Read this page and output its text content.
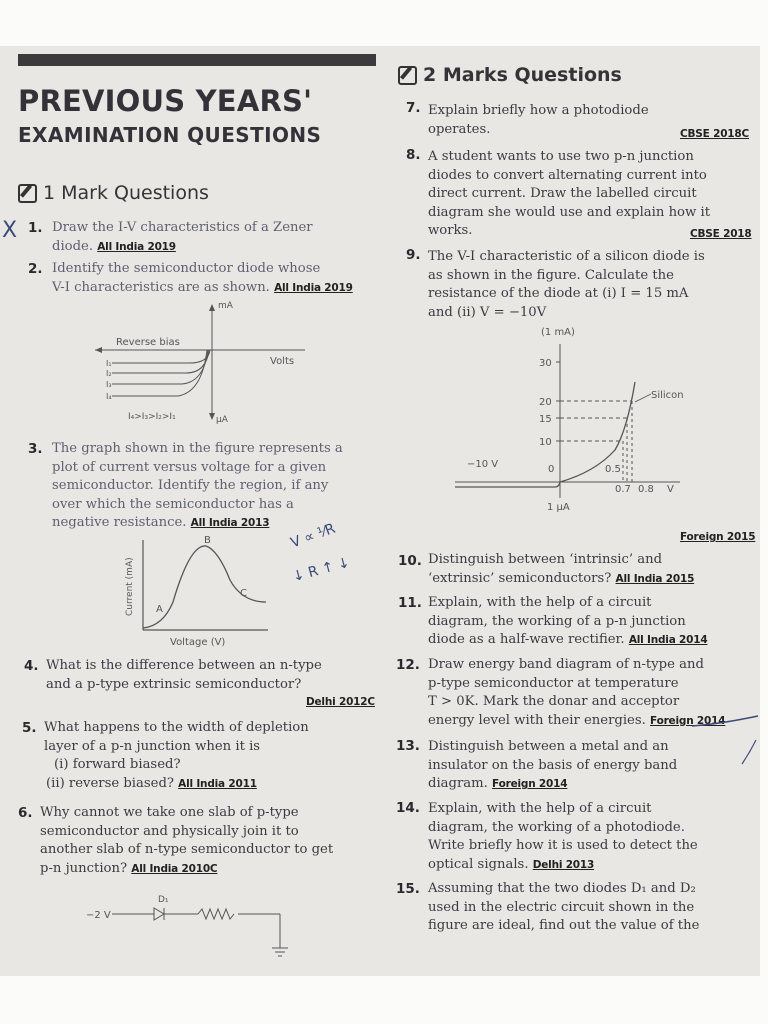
PREVIOUS YEARS'
EXAMINATION QUESTIONS
1 Mark Questions
2 Marks Questions
1. Draw the I-V characteristics of a Zener
diode. All India 2019
2. Identify the semiconductor diode whose
V-I characteristics are as shown. All India 2019
mA
Volts
Reverse bias
I₁
I₂
I₃
I₄
I₄>I₃>I₂>I₁	μA
3. The graph shown in the figure represents a
plot of current versus voltage for a given
semiconductor. Identify the region, if any
over which the semiconductor has a
negative resistance. All India 2013
Current (mA)
Voltage (V)
A
B
C
4. What is the difference between an n-type
and a p-type extrinsic semiconductor?
Delhi 2012C
5. What happens to the width of depletion
layer of a p-n junction when it is
(i) forward biased?
(ii) reverse biased? All India 2011
6. Why cannot we take one slab of p-type
semiconductor and physically join it to
another slab of n-type semiconductor to get
p-n junction? All India 2010C
−2 V
D₁
7. Explain briefly how a photodiode
operates.	CBSE 2018C
8. A student wants to use two p-n junction
diodes to convert alternating current into
direct current. Draw the labelled circuit
diagram she would use and explain how it
works.	CBSE 2018
9. The V-I characteristic of a silicon diode is
as shown in the figure. Calculate the
resistance of the diode at (i) I = 15 mA
and (ii) V = −10V
(1 mA)
30
20
15
10
0
Silicon
−10 V	0.5
0.7 0.8 V
1 μA
Foreign 2015
10. Distinguish between ‘intrinsic’ and
‘extrinsic’ semiconductors? All India 2015
11. Explain, with the help of a circuit
diagram, the working of a p-n junction
diode as a half-wave rectifier. All India 2014
12. Draw energy band diagram of n-type and
p-type semiconductor at temperature
T > 0K. Mark the donar and acceptor
energy level with their energies. Foreign 2014
13. Distinguish between a metal and an
insulator on the basis of energy band
diagram. Foreign 2014
14. Explain, with the help of a circuit
diagram, the working of a photodiode.
Write briefly how it is used to detect the
optical signals. Delhi 2013
15. Assuming that the two diodes D₁ and D₂
used in the electric circuit shown in the
figure are ideal, find out the value of the
X
V ∝ ¹⁄R
↓ R ↑ ↓
